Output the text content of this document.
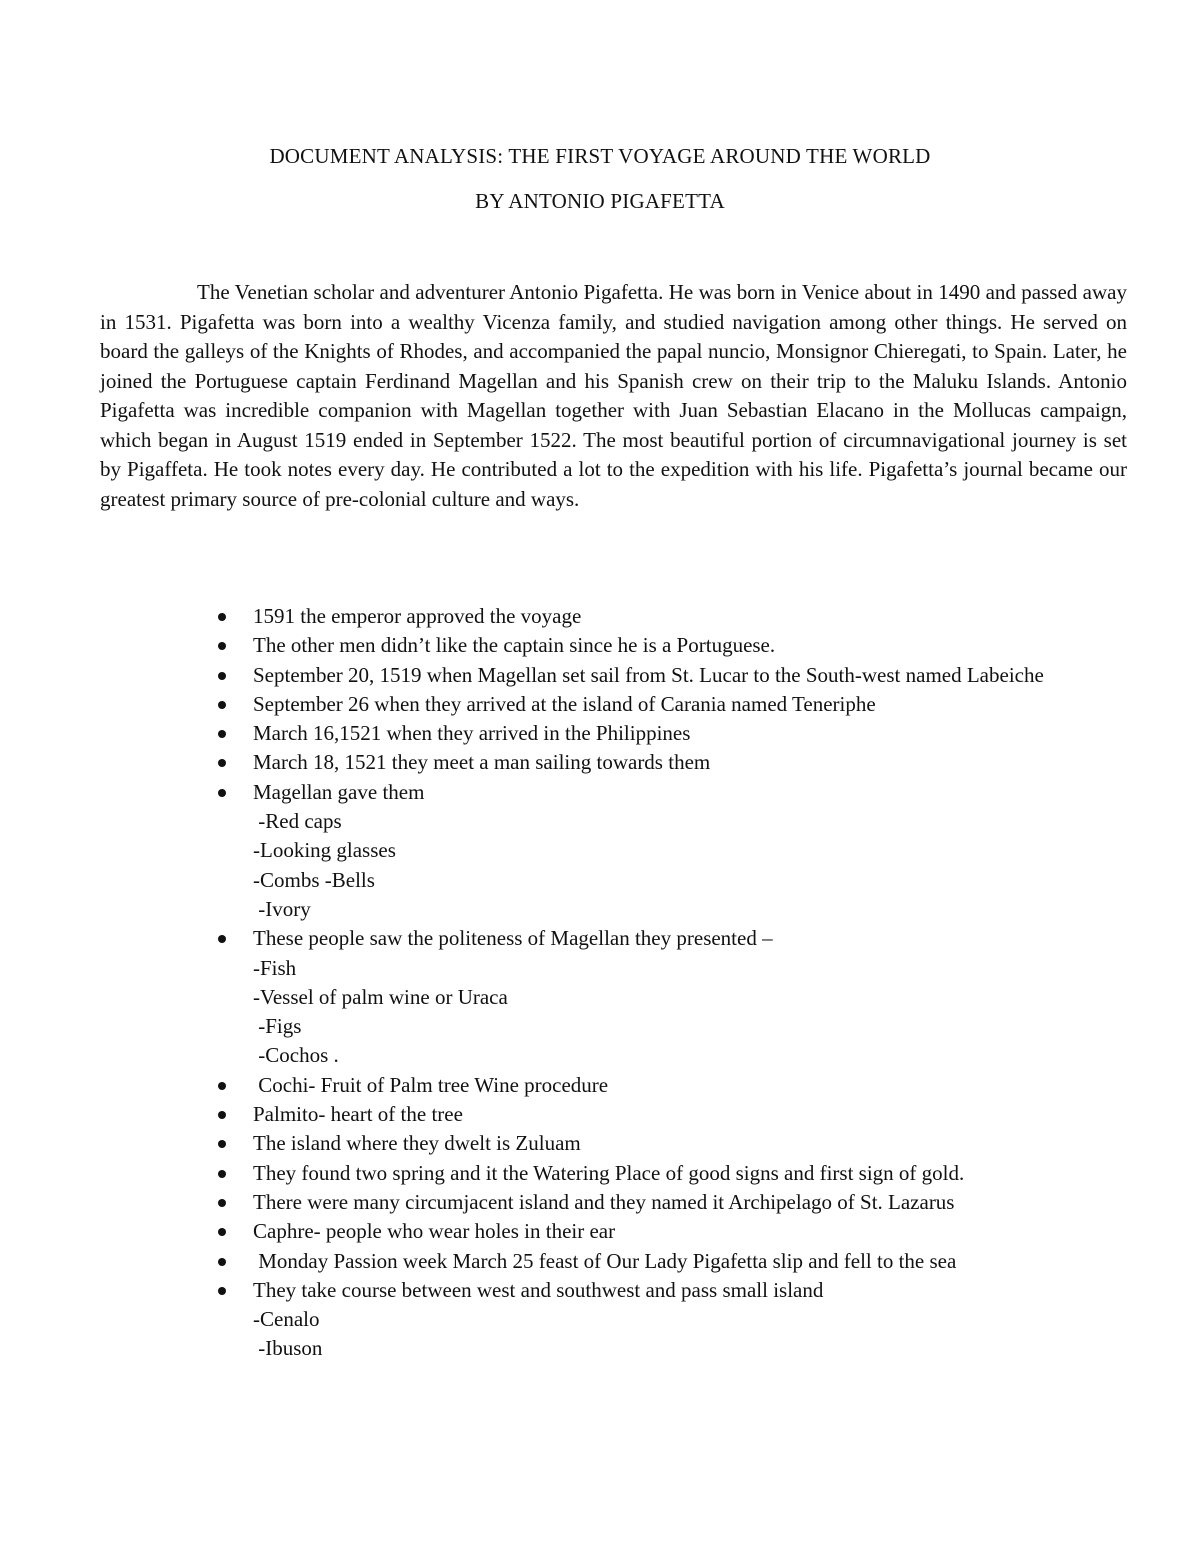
DOCUMENT ANALYSIS: THE FIRST VOYAGE AROUND THE WORLD
BY ANTONIO PIGAFETTA

The Venetian scholar and adventurer Antonio Pigafetta. He was born in Venice about in 1490 and passed away in 1531. Pigafetta was born into a wealthy Vicenza family, and studied navigation among other things. He served on board the galleys of the Knights of Rhodes, and accompanied the papal nuncio, Monsignor Chieregati, to Spain. Later, he joined the Portuguese captain Ferdinand Magellan and his Spanish crew on their trip to the Maluku Islands. Antonio Pigafetta was incredible companion with Magellan together with Juan Sebastian Elacano in the Mollucas campaign, which began in August 1519 ended in September 1522. The most beautiful portion of circumnavigational journey is set by Pigaffeta. He took notes every day. He contributed a lot to the expedition with his life. Pigafetta’s journal became our greatest primary source of pre-colonial culture and ways.

1591 the emperor approved the voyage
The other men didn’t like the captain since he is a Portuguese.
September 20, 1519 when Magellan set sail from St. Lucar to the South-west named Labeiche
September 26 when they arrived at the island of Carania named Teneriphe
March 16,1521 when they arrived in the Philippines
March 18, 1521 they meet a man sailing towards them
Magellan gave them
-Red caps
-Looking glasses
-Combs -Bells
-Ivory
These people saw the politeness of Magellan they presented –
-Fish
-Vessel of palm wine or Uraca
-Figs
-Cochos .
Cochi- Fruit of Palm tree Wine procedure
Palmito- heart of the tree
The island where they dwelt is Zuluam
They found two spring and it the Watering Place of good signs and first sign of gold.
There were many circumjacent island and they named it Archipelago of St. Lazarus
Caphre- people who wear holes in their ear
Monday Passion week March 25 feast of Our Lady Pigafetta slip and fell to the sea
They take course between west and southwest and pass small island
-Cenalo
-Ibuson
